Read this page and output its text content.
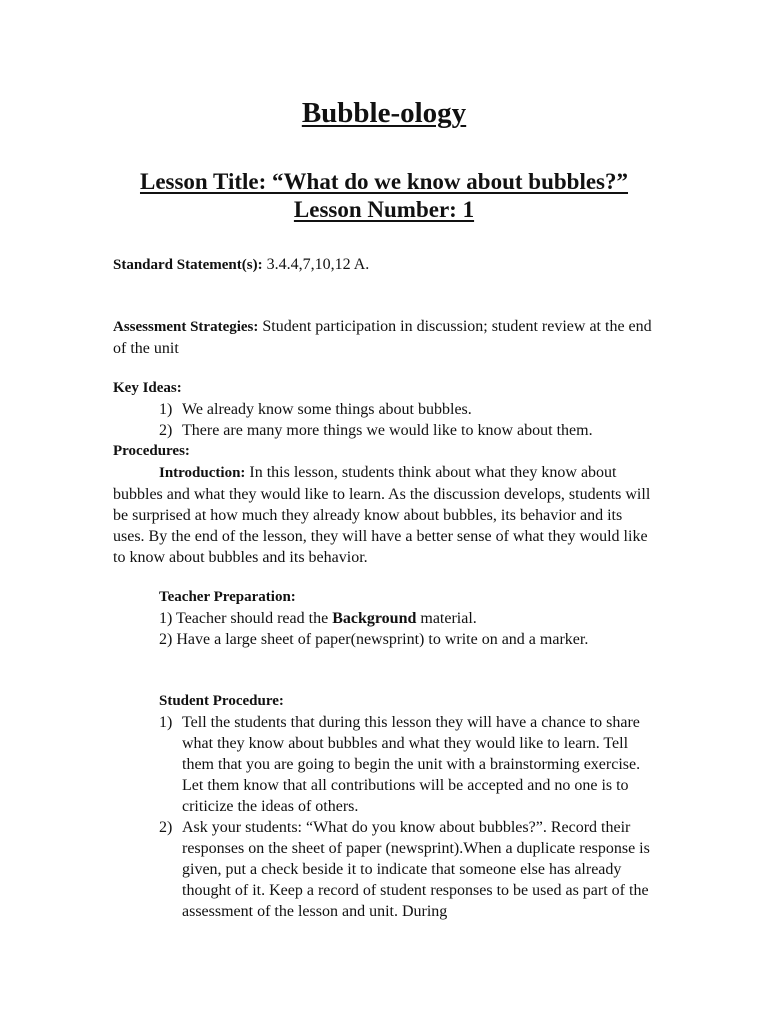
Bubble-ology
Lesson Title: “What do we know about bubbles?”
Lesson Number: 1
Standard Statement(s): 3.4.4,7,10,12 A.
Assessment Strategies: Student participation in discussion; student review at the end of the unit
Key Ideas:
1) We already know some things about bubbles.
2) There are many more things we would like to know about them.
Procedures:
Introduction: In this lesson, students think about what they know about bubbles and what they would like to learn. As the discussion develops, students will be surprised at how much they already know about bubbles, its behavior and its uses. By the end of the lesson, they will have a better sense of what they would like to know about bubbles and its behavior.
Teacher Preparation:
1) Teacher should read the Background material.
2) Have a large sheet of paper(newsprint) to write on and a marker.
Student Procedure:
1) Tell the students that during this lesson they will have a chance to share what they know about bubbles and what they would like to learn. Tell them that you are going to begin the unit with a brainstorming exercise. Let them know that all contributions will be accepted and no one is to criticize the ideas of others.
2) Ask your students: “What do you know about bubbles?”. Record their responses on the sheet of paper (newsprint).When a duplicate response is given, put a check beside it to indicate that someone else has already thought of it. Keep a record of student responses to be used as part of the assessment of the lesson and unit. During
